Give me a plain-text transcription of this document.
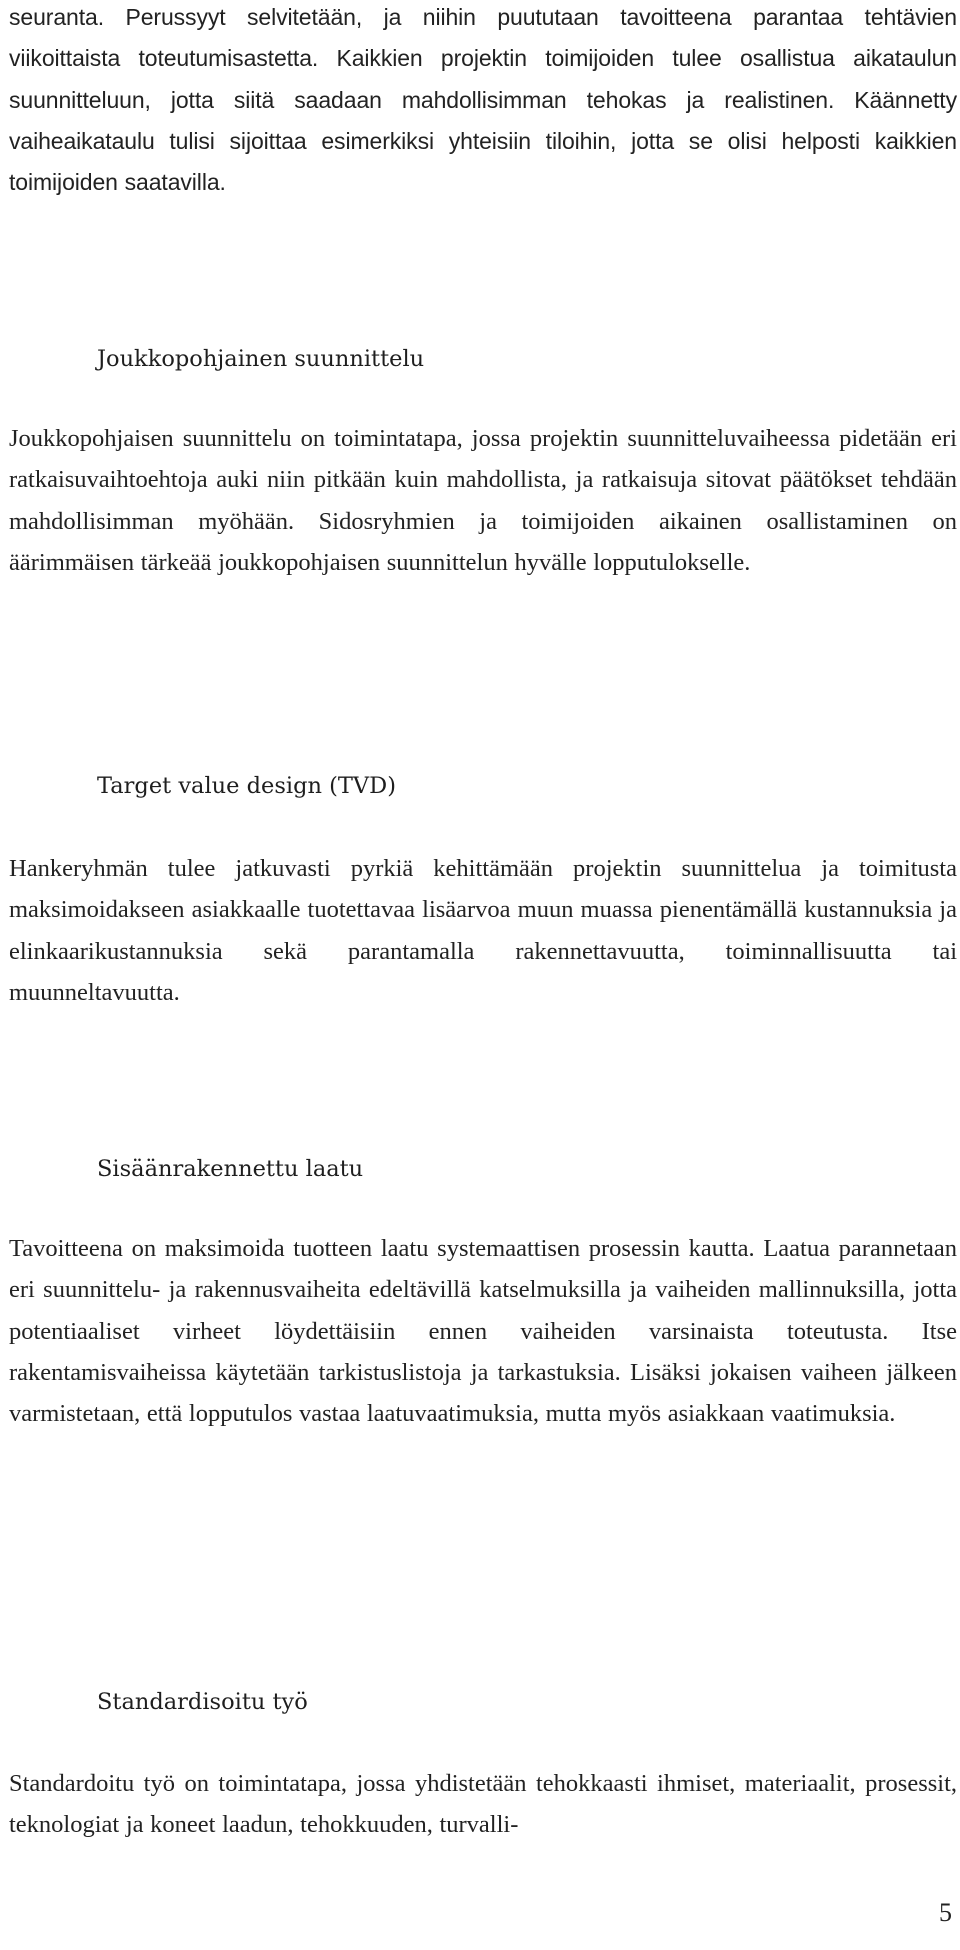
seuranta. Perussyyt selvitetään, ja niihin puututaan tavoitteena parantaa tehtävien viikoittaista toteutumisastetta. Kaikkien projektin toimijoiden tulee osallistua aikataulun suunnitteluun, jotta siitä saadaan mahdollisimman tehokas ja realistinen. Käännetty vaiheaikataulu tulisi sijoittaa esimerkiksi yhteisiin tiloihin, jotta se olisi helposti kaikkien toimijoiden saatavilla.

Joukkopohjainen suunnittelu

Joukkopohjaisen suunnittelu on toimintatapa, jossa projektin suunnitteluvaiheessa pidetään eri ratkaisuvaihtoehtoja auki niin pitkään kuin mahdollista, ja ratkaisuja sitovat päätökset tehdään mahdollisimman myöhään. Sidosryhmien ja toimijoiden aikainen osallistaminen on äärimmäisen tärkeää joukkopohjaisen suunnittelun hyvälle lopputulokselle.

Target value design (TVD)

Hankeryhmän tulee jatkuvasti pyrkiä kehittämään projektin suunnittelua ja toimitusta maksimoidakseen asiakkaalle tuotettavaa lisäarvoa muun muassa pienentämällä kustannuksia ja elinkaarikustannuksia sekä parantamalla rakennettavuutta, toiminnallisuutta tai muunneltavuutta.

Sisäänrakennettu laatu

Tavoitteena on maksimoida tuotteen laatu systemaattisen prosessin kautta. Laatua parannetaan eri suunnittelu- ja rakennusvaiheita edeltävillä katselmuksilla ja vaiheiden mallinnuksilla, jotta potentiaaliset virheet löydettäisiin ennen vaiheiden varsinaista toteutusta. Itse rakentamisvaiheissa käytetään tarkistuslistoja ja tarkastuksia. Lisäksi jokaisen vaiheen jälkeen varmistetaan, että lopputulos vastaa laatuvaatimuksia, mutta myös asiakkaan vaatimuksia.

Standardisoitu työ

Standardoitu työ on toimintatapa, jossa yhdistetään tehokkaasti ihmiset, materiaalit, prosessit, teknologiat ja koneet laadun, tehokkuuden, turvalli-

5
